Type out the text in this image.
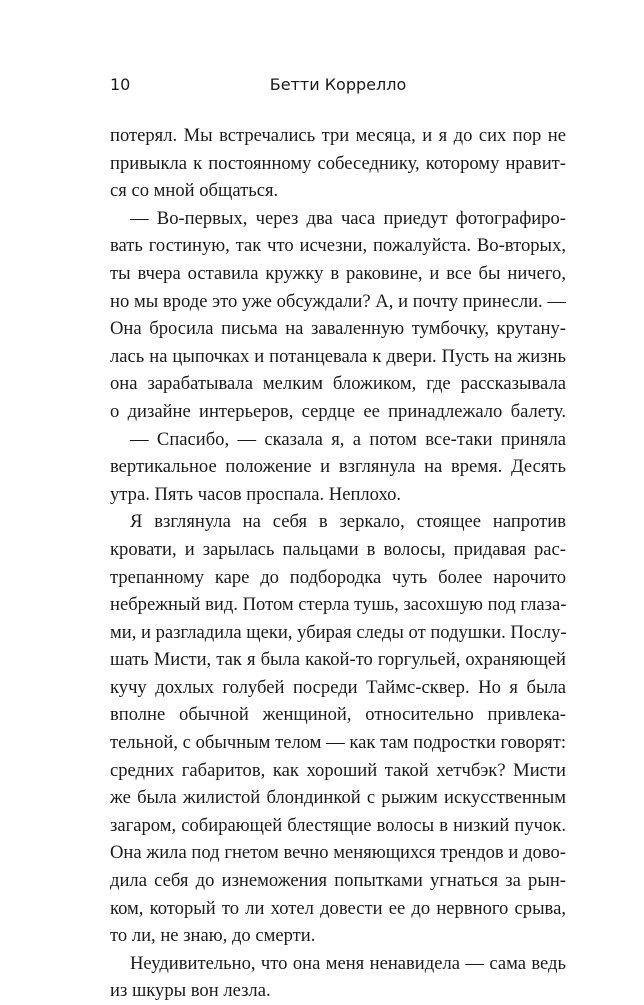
10	Бетти Коррелло
потерял. Мы встречались три месяца, и я до сих пор не
привыкла к постоянному собеседнику, которому нравит-
ся со мной общаться.
— Во-первых, через два часа приедут фотографиро-
вать гостиную, так что исчезни, пожалуйста. Во-вторых,
ты вчера оставила кружку в раковине, и все бы ничего,
но мы вроде это уже обсуждали? А, и почту принесли. —
Она бросила письма на заваленную тумбочку, крутану-
лась на цыпочках и потанцевала к двери. Пусть на жизнь
она зарабатывала мелким бложиком, где рассказывала
о дизайне интерьеров, сердце ее принадлежало балету.
— Спасибо, — сказала я, а потом все-таки приняла
вертикальное положение и взглянула на время. Десять
утра. Пять часов проспала. Неплохо.
Я взглянула на себя в зеркало, стоящее напротив
кровати, и зарылась пальцами в волосы, придавая рас-
трепанному каре до подбородка чуть более нарочито
небрежный вид. Потом стерла тушь, засохшую под глаза-
ми, и разгладила щеки, убирая следы от подушки. Послу-
шать Мисти, так я была какой-то горгульей, охраняющей
кучу дохлых голубей посреди Таймс-сквер. Но я была
вполне обычной женщиной, относительно привлека-
тельной, с обычным телом — как там подростки говорят:
средних габаритов, как хороший такой хетчбэк? Мисти
же была жилистой блондинкой с рыжим искусственным
загаром, собирающей блестящие волосы в низкий пучок.
Она жила под гнетом вечно меняющихся трендов и дово-
дила себя до изнеможения попытками угнаться за рын-
ком, который то ли хотел довести ее до нервного срыва,
то ли, не знаю, до смерти.
Неудивительно, что она меня ненавидела — сама ведь
из шкуры вон лезла.
